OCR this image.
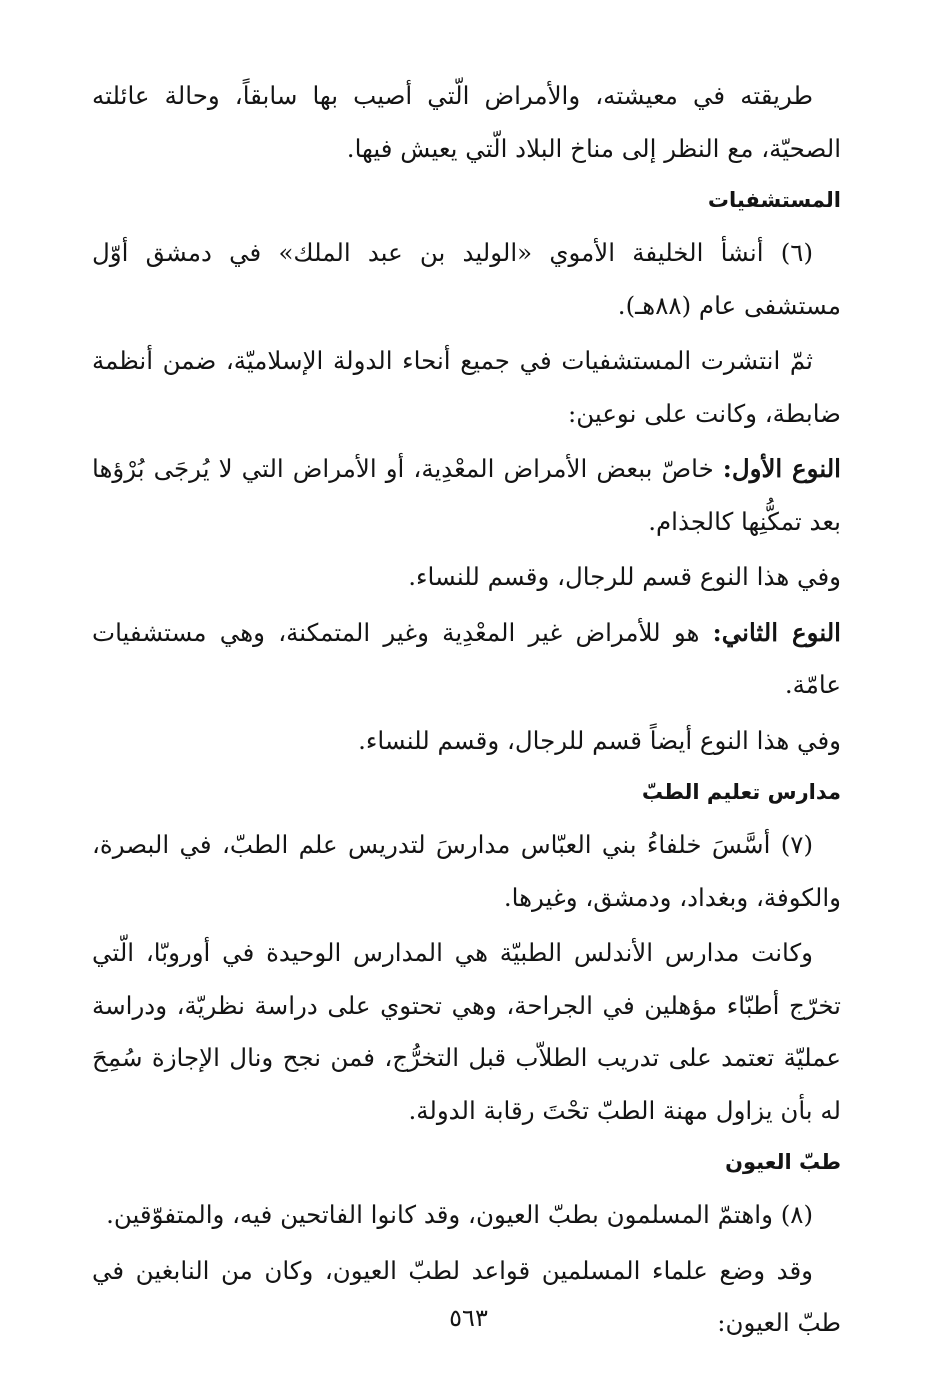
طريقته في معيشته، والأمراض الّتي أصيب بها سابقاً، وحالة عائلته الصحيّة، مع النظر إلى مناخ البلاد الّتي يعيش فيها.

المستشفيات

(٦) أنشأ الخليفة الأموي «الوليد بن عبد الملك» في دمشق أوّل مستشفى عام (٨٨هـ).

ثمّ انتشرت المستشفيات في جميع أنحاء الدولة الإسلاميّة، ضمن أنظمة ضابطة، وكانت على نوعين:

النوع الأول: خاصّ ببعض الأمراض المعْدِية، أو الأمراض التي لا يُرجَى بُرْؤها بعد تمكُّنِها كالجذام.

وفي هذا النوع قسم للرجال، وقسم للنساء.

النوع الثاني: هو للأمراض غير المعْدِية وغير المتمكنة، وهي مستشفيات عامّة.

وفي هذا النوع أيضاً قسم للرجال، وقسم للنساء.

مدارس تعليم الطبّ

(٧) أسَّسَ خلفاءُ بني العبّاس مدارسَ لتدريس علم الطبّ، في البصرة، والكوفة، وبغداد، ودمشق، وغيرها.

وكانت مدارس الأندلس الطبيّة هي المدارس الوحيدة في أوروبّا، الّتي تخرّج أطبّاء مؤهلين في الجراحة، وهي تحتوي على دراسة نظريّة، ودراسة عمليّة تعتمد على تدريب الطلاّب قبل التخرُّج، فمن نجح ونال الإجازة سُمِحَ له بأن يزاول مهنة الطبّ تحْتَ رقابة الدولة.

طبّ العيون

(٨) واهتمّ المسلمون بطبّ العيون، وقد كانوا الفاتحين فيه، والمتفوّقين.

وقد وضع علماء المسلمين قواعد لطبّ العيون، وكان من النابغين في طبّ العيون:

٥٦٣
